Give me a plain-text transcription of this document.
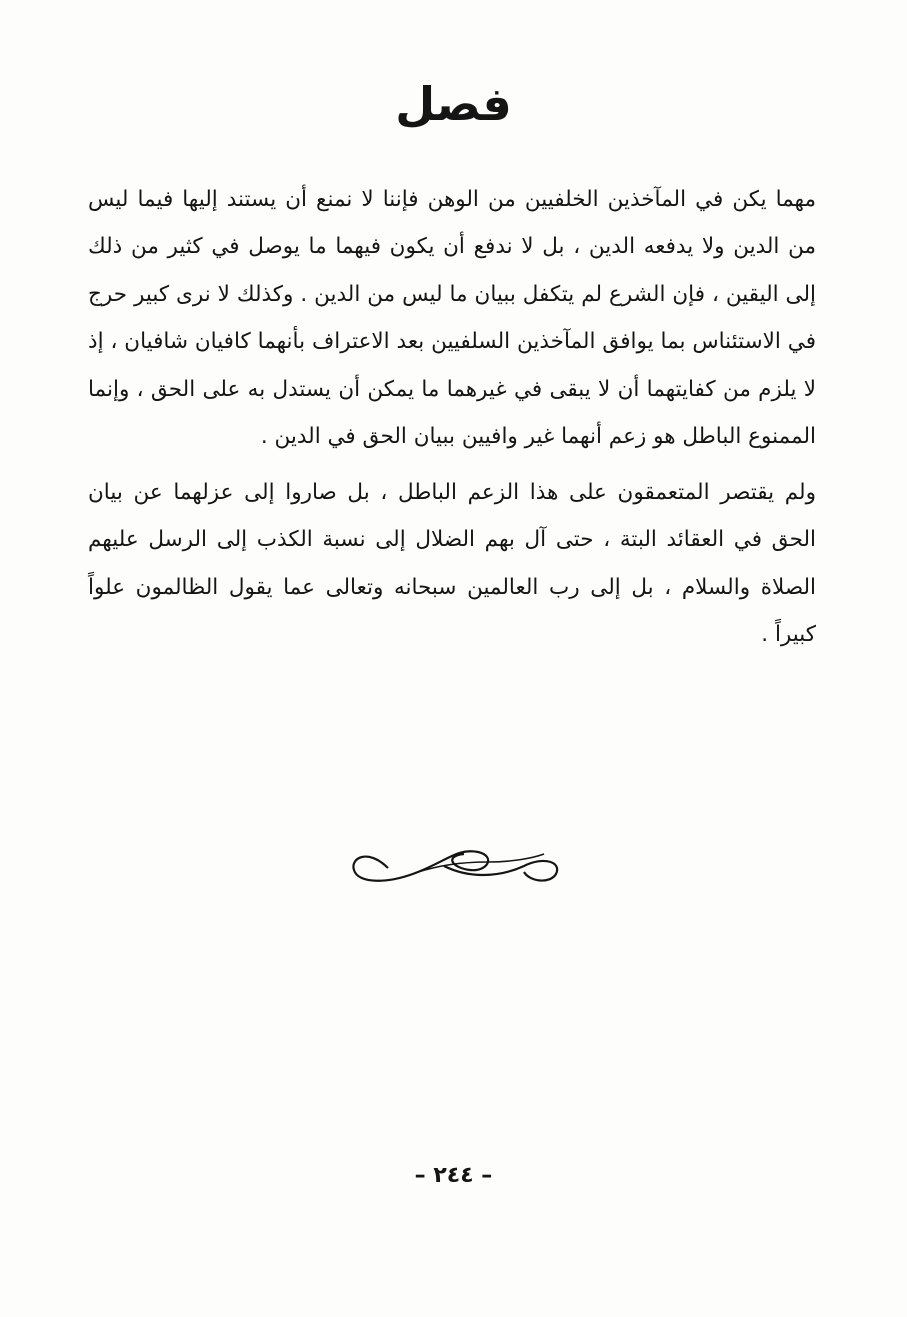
فصل

مهما يكن في المآخذين الخلفيين من الوهن فإننا لا نمنع أن يستند إليها فيما ليس من الدين ولا يدفعه الدين ، بل لا ندفع أن يكون فيهما ما يوصل في كثير من ذلك إلى اليقين ، فإن الشرع لم يتكفل ببيان ما ليس من الدين . وكذلك لا نرى كبير حرج في الاستئناس بما يوافق المآخذين السلفيين بعد الاعتراف بأنهما كافيان شافيان ، إذ لا يلزم من كفايتهما أن لا يبقى في غيرهما ما يمكن أن يستدل به على الحق ، وإنما الممنوع الباطل هو زعم أنهما غير وافيين ببيان الحق في الدين .

ولم يقتصر المتعمقون على هذا الزعم الباطل ، بل صاروا إلى عزلهما عن بيان الحق في العقائد البتة ، حتى آل بهم الضلال إلى نسبة الكذب إلى الرسل عليهم الصلاة والسلام ، بل إلى رب العالمين سبحانه وتعالى عما يقول الظالمون علواً كبيراً .

– ٢٤٤ –
